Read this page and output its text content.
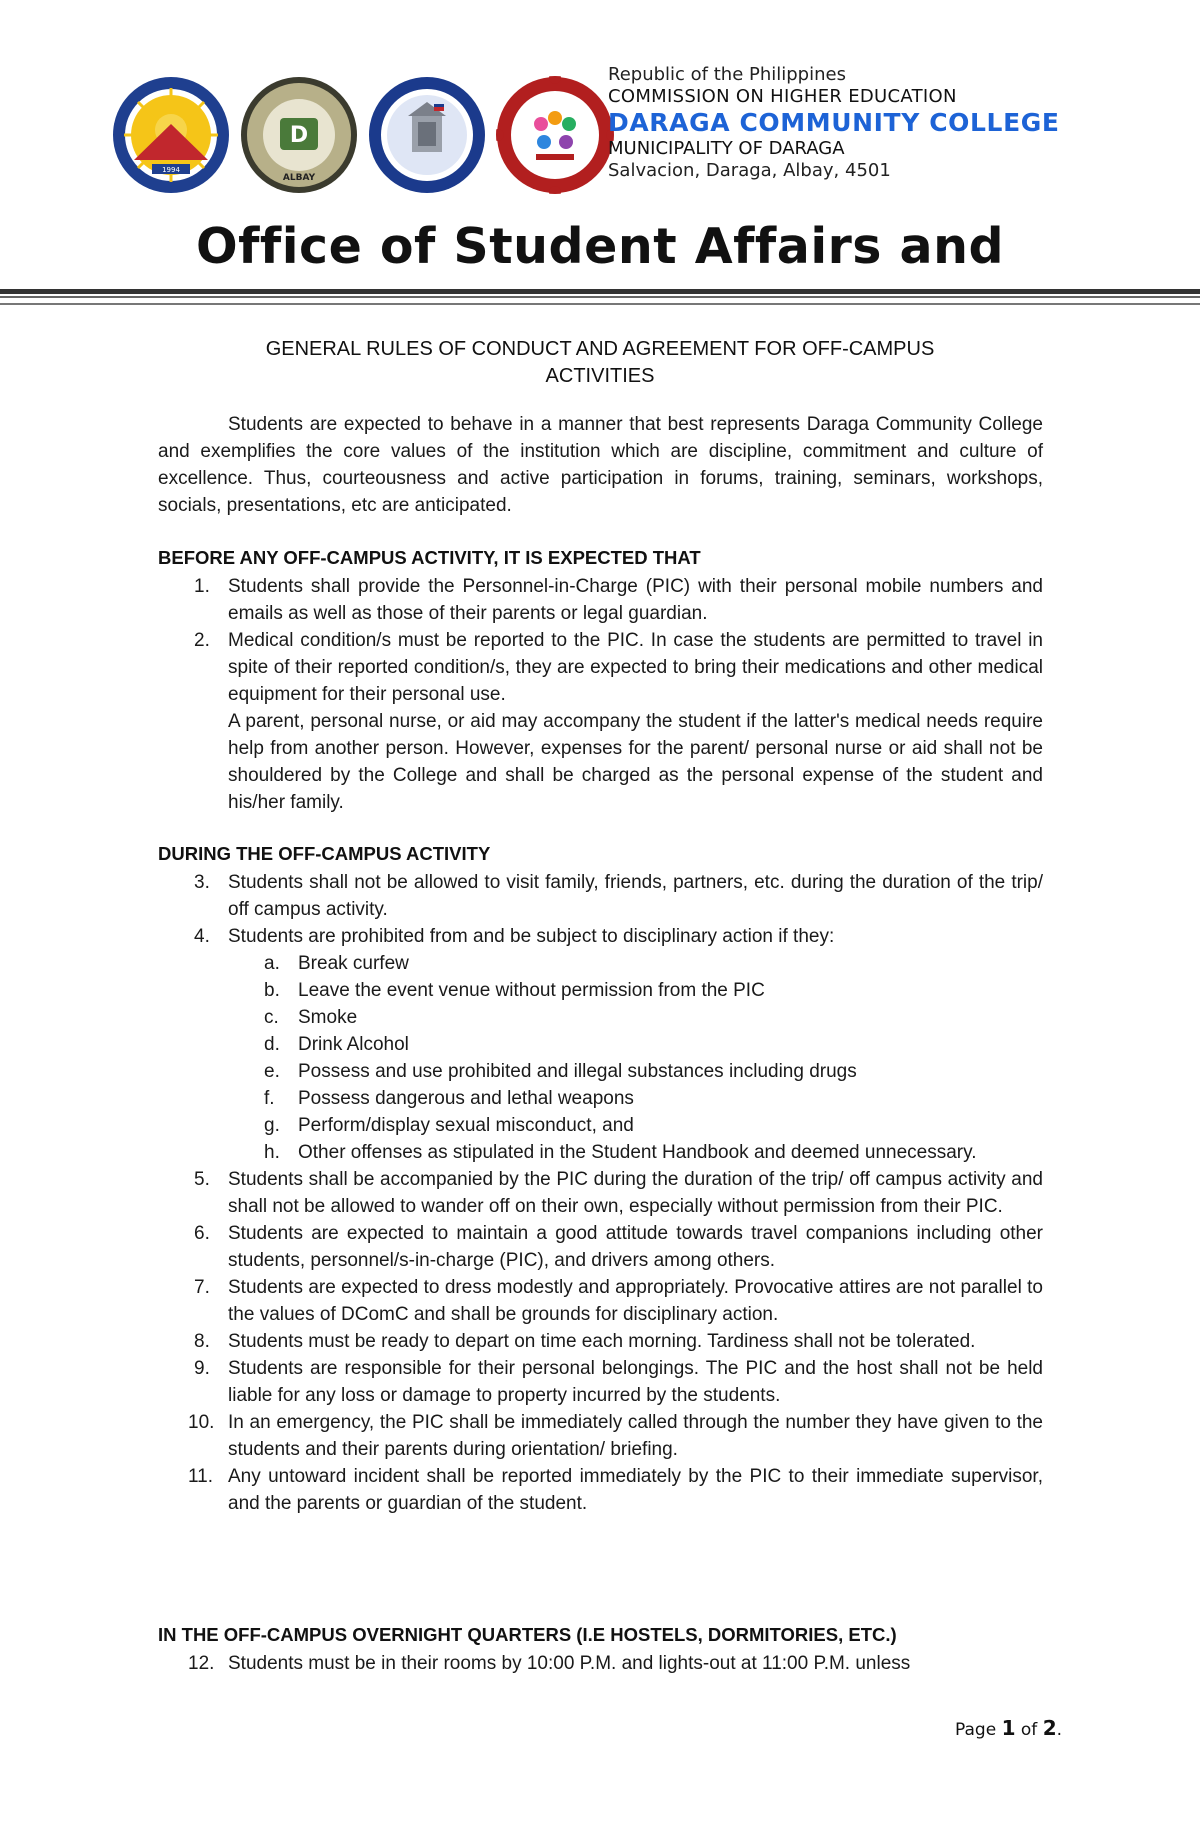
1994
D
ALBAY
Republic of the Philippines
COMMISSION ON HIGHER EDUCATION
DARAGA COMMUNITY COLLEGE
MUNICIPALITY OF DARAGA
Salvacion, Daraga, Albay, 4501
Office of Student Affairs and
GENERAL RULES OF CONDUCT AND AGREEMENT FOR OFF-CAMPUS
ACTIVITIES
Students are expected to behave in a manner that best represents Daraga Community College and exemplifies the core values of the institution which are discipline, commitment and culture of excellence. Thus, courteousness and active participation in forums, training, seminars, workshops, socials, presentations, etc are anticipated.
BEFORE ANY OFF-CAMPUS ACTIVITY, IT IS EXPECTED THAT
1. Students shall provide the Personnel-in-Charge (PIC) with their personal mobile numbers and emails as well as those of their parents or legal guardian.
2. Medical condition/s must be reported to the PIC. In case the students are permitted to travel in spite of their reported condition/s, they are expected to bring their medications and other medical equipment for their personal use.
A parent, personal nurse, or aid may accompany the student if the latter's medical needs require help from another person. However, expenses for the parent/ personal nurse or aid shall not be shouldered by the College and shall be charged as the personal expense of the student and his/her family.
DURING THE OFF-CAMPUS ACTIVITY
3. Students shall not be allowed to visit family, friends, partners, etc. during the duration of the trip/ off campus activity.
4. Students are prohibited from and be subject to disciplinary action if they:
a. Break curfew
b. Leave the event venue without permission from the PIC
c. Smoke
d. Drink Alcohol
e. Possess and use prohibited and illegal substances including drugs
f. Possess dangerous and lethal weapons
g. Perform/display sexual misconduct, and
h. Other offenses as stipulated in the Student Handbook and deemed unnecessary.
5. Students shall be accompanied by the PIC during the duration of the trip/ off campus activity and shall not be allowed to wander off on their own, especially without permission from their PIC.
6. Students are expected to maintain a good attitude towards travel companions including other students, personnel/s-in-charge (PIC), and drivers among others.
7. Students are expected to dress modestly and appropriately. Provocative attires are not parallel to the values of DComC and shall be grounds for disciplinary action.
8. Students must be ready to depart on time each morning. Tardiness shall not be tolerated.
9. Students are responsible for their personal belongings. The PIC and the host shall not be held liable for any loss or damage to property incurred by the students.
10. In an emergency, the PIC shall be immediately called through the number they have given to the students and their parents during orientation/ briefing.
11. Any untoward incident shall be reported immediately by the PIC to their immediate supervisor, and the parents or guardian of the student.
IN THE OFF-CAMPUS OVERNIGHT QUARTERS (I.E HOSTELS, DORMITORIES, ETC.)
12. Students must be in their rooms by 10:00 P.M. and lights-out at 11:00 P.M. unless
Page 1 of 2.
